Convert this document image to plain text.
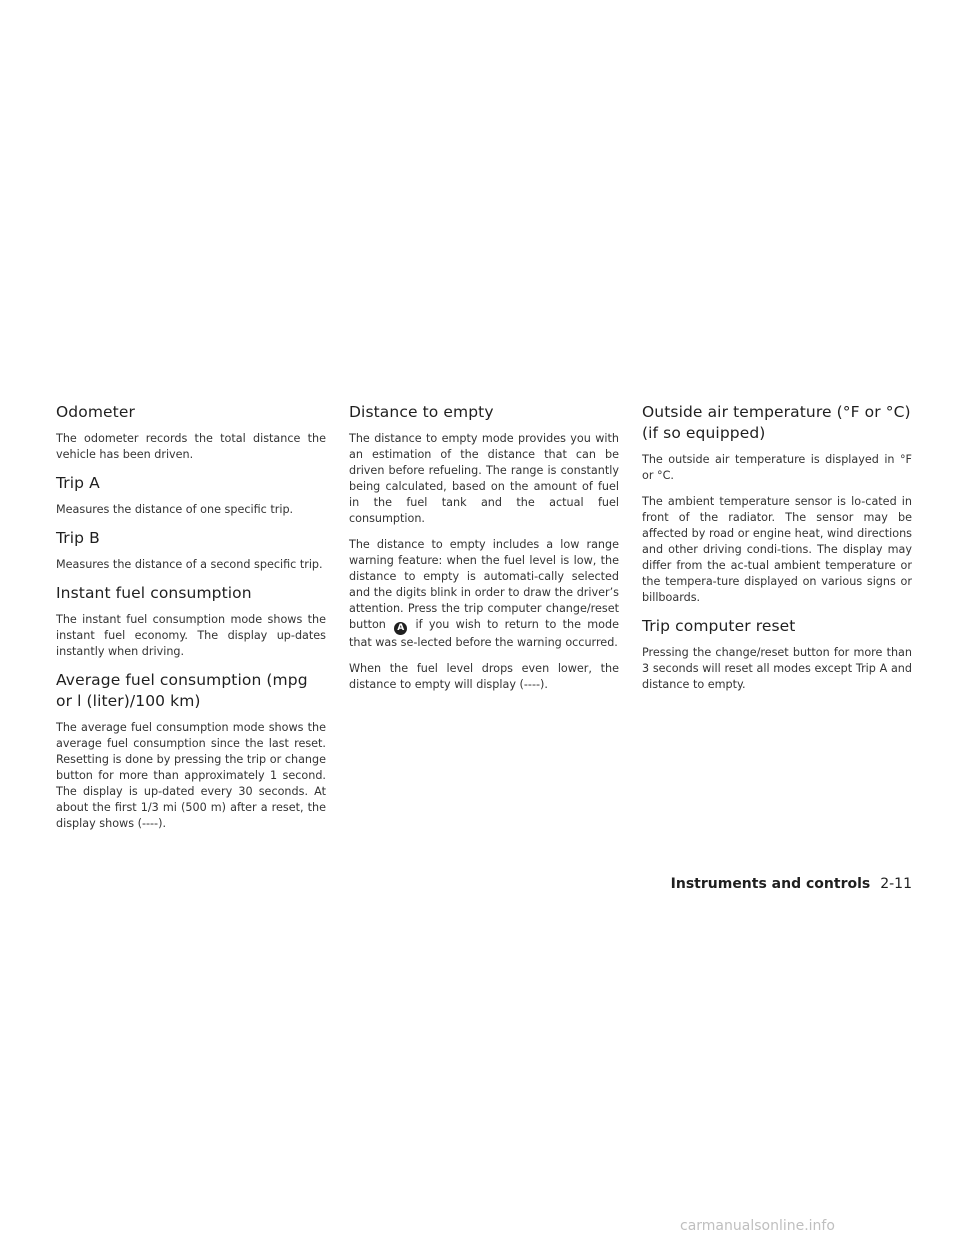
Odometer

The odometer records the total distance the vehicle has been driven.

Trip A

Measures the distance of one specific trip.

Trip B

Measures the distance of a second specific trip.

Instant fuel consumption

The instant fuel consumption mode shows the instant fuel economy. The display up-dates instantly when driving.

Average fuel consumption (mpg or l (liter)/100 km)

The average fuel consumption mode shows the average fuel consumption since the last reset. Resetting is done by pressing the trip or change button for more than approximately 1 second. The display is up-dated every 30 seconds. At about the first 1/3 mi (500 m) after a reset, the display shows (----).

Distance to empty

The distance to empty mode provides you with an estimation of the distance that can be driven before refueling. The range is constantly being calculated, based on the amount of fuel in the fuel tank and the actual fuel consumption.

The distance to empty includes a low range warning feature: when the fuel level is low, the distance to empty is automati-cally selected and the digits blink in order to draw the driver’s attention. Press the trip computer change/reset button A if you wish to return to the mode that was se-lected before the warning occurred.

When the fuel level drops even lower, the distance to empty will display (----).

Outside air temperature (°F or °C) (if so equipped)

The outside air temperature is displayed in °F or °C.

The ambient temperature sensor is lo-cated in front of the radiator. The sensor may be affected by road or engine heat, wind directions and other driving condi-tions. The display may differ from the ac-tual ambient temperature or the tempera-ture displayed on various signs or billboards.

Trip computer reset

Pressing the change/reset button for more than 3 seconds will reset all modes except Trip A and distance to empty.

Instruments and controls 2-11
carmanualsonline.info
